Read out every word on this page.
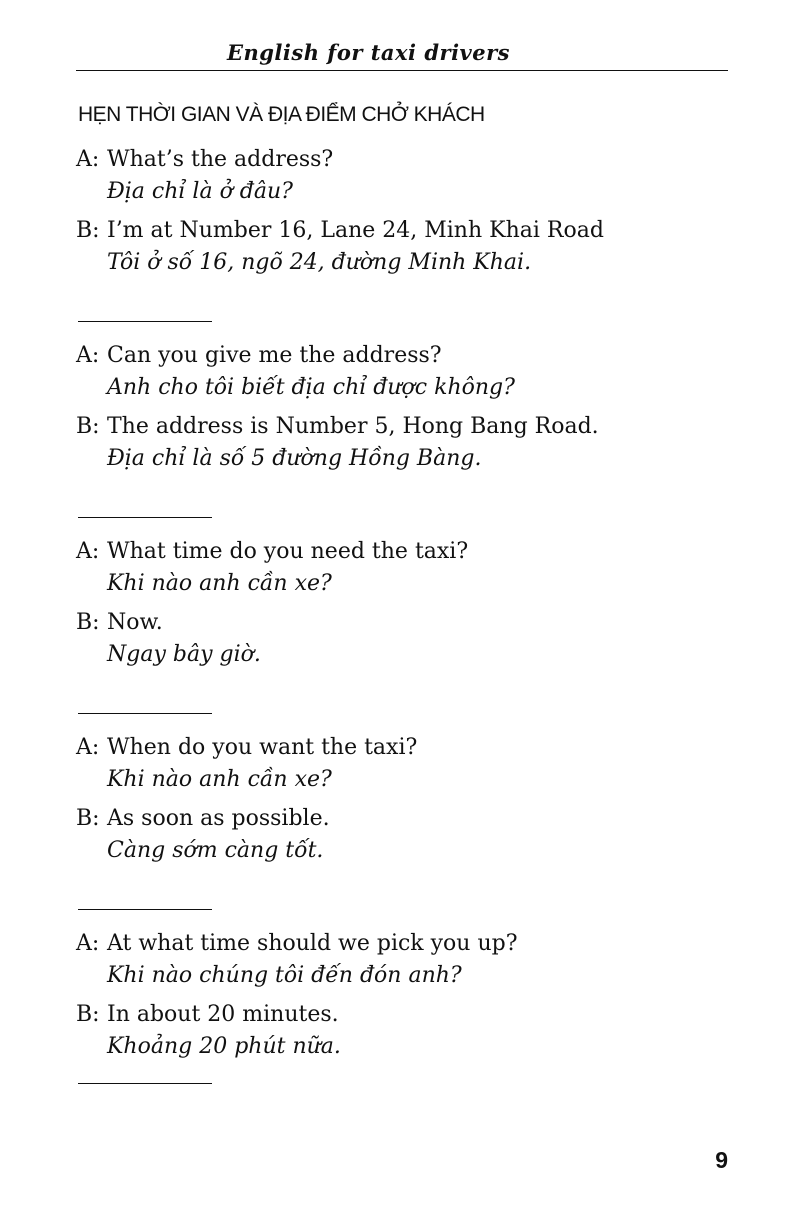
English for taxi drivers
HẸN THỜI GIAN VÀ ĐỊA ĐIỂM CHỞ KHÁCH
A: What’s the address?
Địa chỉ là ở đâu?
B: I’m at Number 16, Lane 24, Minh Khai Road
Tôi ở số 16, ngõ 24, đường Minh Khai.
A: Can you give me the address?
Anh cho tôi biết địa chỉ được không?
B: The address is Number 5, Hong Bang Road.
Địa chỉ là số 5 đường Hồng Bàng.
A: What time do you need the taxi?
Khi nào anh cần xe?
B: Now.
Ngay bây giờ.
A: When do you want the taxi?
Khi nào anh cần xe?
B: As soon as possible.
Càng sớm càng tốt.
A: At what time should we pick you up?
Khi nào chúng tôi đến đón anh?
B: In about 20 minutes.
Khoảng 20 phút nữa.
9
